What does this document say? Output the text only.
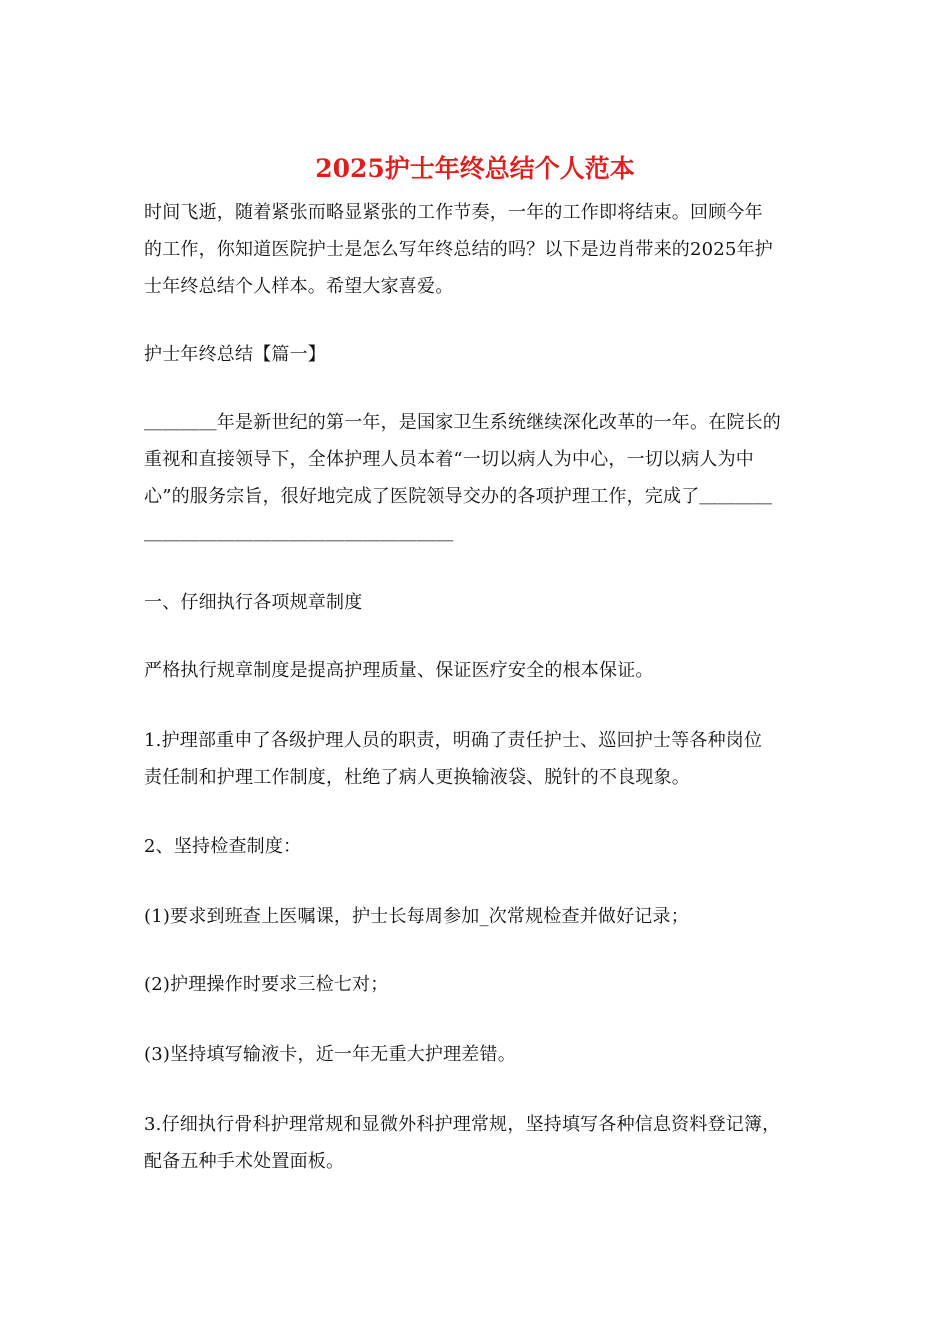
2025护士年终总结个人范本

时间飞逝，随着紧张而略显紧张的工作节奏，一年的工作即将结束。回顾今年
的工作，你知道医院护士是怎么写年终总结的吗？以下是边肖带来的2025年护
士年终总结个人样本。希望大家喜爱。

护士年终总结【篇一】

＿＿＿＿年是新世纪的第一年，是国家卫生系统继续深化改革的一年。在院长的
重视和直接领导下，全体护理人员本着“一切以病人为中心，一切以病人为中
心”的服务宗旨，很好地完成了医院领导交办的各项护理工作，完成了＿＿＿＿
＿＿＿＿＿＿＿＿＿＿＿＿＿＿＿＿＿

一、仔细执行各项规章制度

严格执行规章制度是提高护理质量、保证医疗安全的根本保证。

1.护理部重申了各级护理人员的职责，明确了责任护士、巡回护士等各种岗位
责任制和护理工作制度，杜绝了病人更换输液袋、脱针的不良现象。

2、坚持检查制度：

(1)要求到班查上医嘱课，护士长每周参加_次常规检查并做好记录；

(2)护理操作时要求三检七对；

(3)坚持填写输液卡，近一年无重大护理差错。

3.仔细执行骨科护理常规和显微外科护理常规，坚持填写各种信息资料登记簿，
配备五种手术处置面板。
